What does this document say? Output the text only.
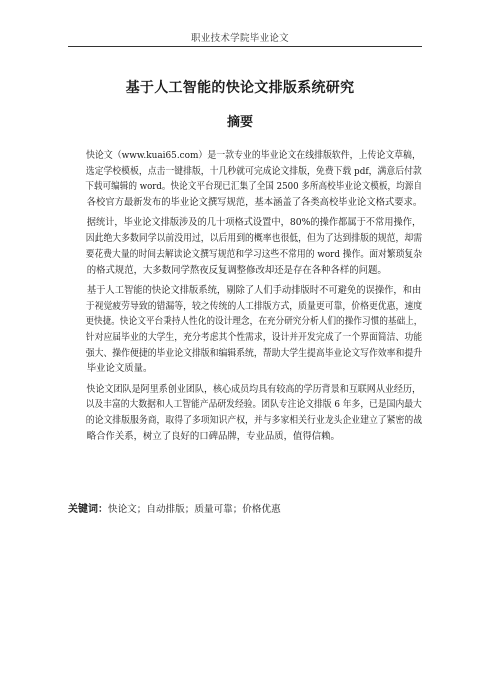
职业技术学院毕业论文
基于人工智能的快论文排版系统研究
摘要
快论文（www.kuai65.com）是一款专业的毕业论文在线排版软件，上传论文草稿，
选定学校模板，点击一键排版，十几秒就可完成论文排版，免费下载 pdf，满意后付款
下载可编辑的 word。快论文平台现已汇集了全国 2500 多所高校毕业论文模板，均源自
各校官方最新发布的毕业论文撰写规范，基本涵盖了各类高校毕业论文格式要求。
据统计，毕业论文排版涉及的几十项格式设置中，80%的操作都属于不常用操作，
因此绝大多数同学以前没用过，以后用到的概率也很低，但为了达到排版的规范，却需
要花费大量的时间去解读论文撰写规范和学习这些不常用的 word 操作。面对繁琐复杂
的格式规范，大多数同学熬夜反复调整修改却还是存在各种各样的问题。
基于人工智能的快论文排版系统，剔除了人们手动排版时不可避免的误操作，和由
于视觉疲劳导致的错漏等，较之传统的人工排版方式，质量更可靠，价格更优惠，速度
更快捷。快论文平台秉持人性化的设计理念，在充分研究分析人们的操作习惯的基础上，
针对应届毕业的大学生，充分考虑其个性需求，设计并开发完成了一个界面简洁、功能
强大、操作便捷的毕业论文排版和编辑系统，帮助大学生提高毕业论文写作效率和提升
毕业论文质量。
快论文团队是阿里系创业团队，核心成员均具有较高的学历背景和互联网从业经历，
以及丰富的大数据和人工智能产品研发经验。团队专注论文排版 6 年多，已是国内最大
的论文排版服务商，取得了多项知识产权，并与多家相关行业龙头企业建立了紧密的战
略合作关系，树立了良好的口碑品牌，专业品质，值得信赖。
关键词：快论文；自动排版；质量可靠；价格优惠
